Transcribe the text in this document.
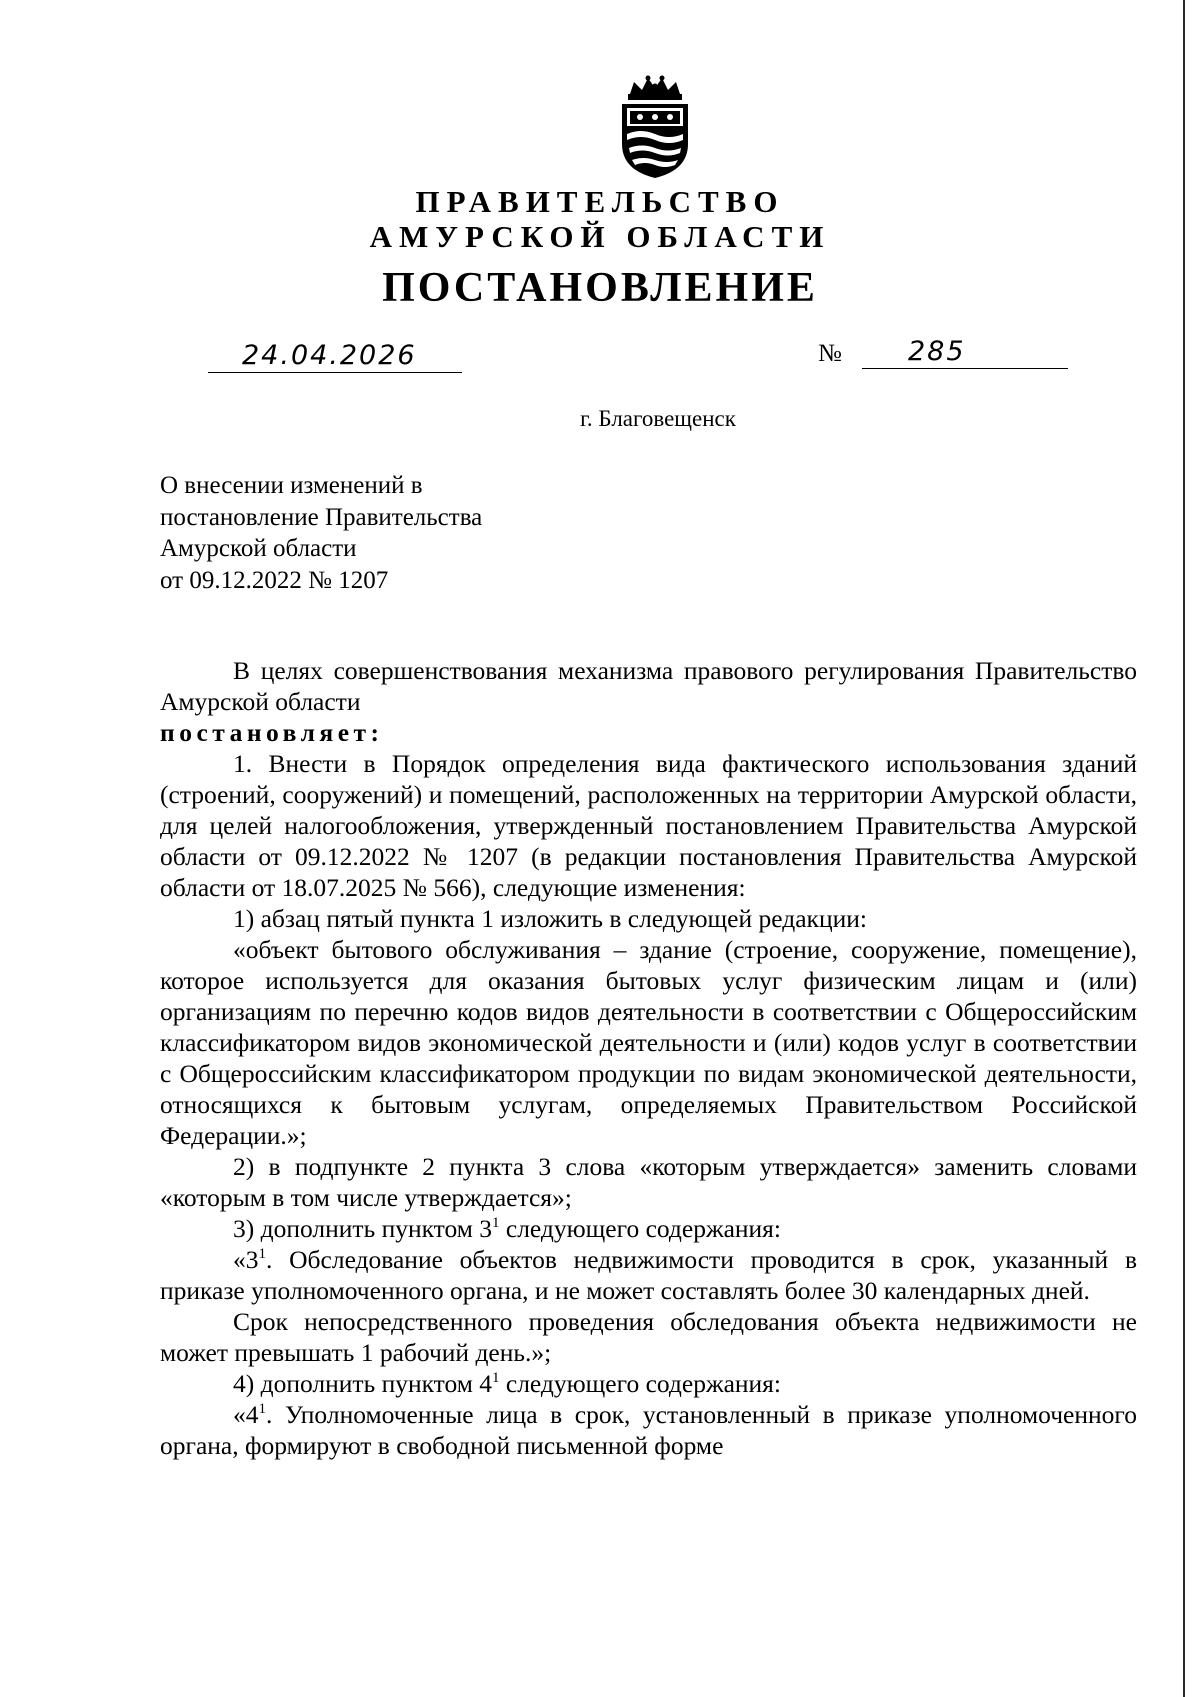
ПРАВИТЕЛЬСТВО
АМУРСКОЙ ОБЛАСТИ
ПОСТАНОВЛЕНИЕ
24.04.2026	№ 285
г. Благовещенск
О внесении изменений в
постановление Правительства
Амурской области
от 09.12.2022 № 1207

В целях совершенствования механизма правового регулирования Правительство Амурской области

постановляет:

1. Внести в Порядок определения вида фактического использования зданий (строений, сооружений) и помещений, расположенных на территории Амурской области, для целей налогообложения, утвержденный постановлением Правительства Амурской области от 09.12.2022 № 1207 (в редакции постановления Правительства Амурской области от 18.07.2025 № 566), следующие изменения:

1) абзац пятый пункта 1 изложить в следующей редакции:

«объект бытового обслуживания – здание (строение, сооружение, помещение), которое используется для оказания бытовых услуг физическим лицам и (или) организациям по перечню кодов видов деятельности в соответствии с Общероссийским классификатором видов экономической деятельности и (или) кодов услуг в соответствии с Общероссийским классификатором продукции по видам экономической деятельности, относящихся к бытовым услугам, определяемых Правительством Российской Федерации.»;

2) в подпункте 2 пункта 3 слова «которым утверждается» заменить словами «которым в том числе утверждается»;

3) дополнить пунктом $3^1$ следующего содержания:

«$3^1$. Обследование объектов недвижимости проводится в срок, указанный в приказе уполномоченного органа, и не может составлять более 30 календарных дней.

Срок непосредственного проведения обследования объекта недвижимости не может превышать 1 рабочий день.»;

4) дополнить пунктом $4^1$ следующего содержания:

«$4^1$. Уполномоченные лица в срок, установленный в приказе уполномоченного органа, формируют в свободной письменной форме
